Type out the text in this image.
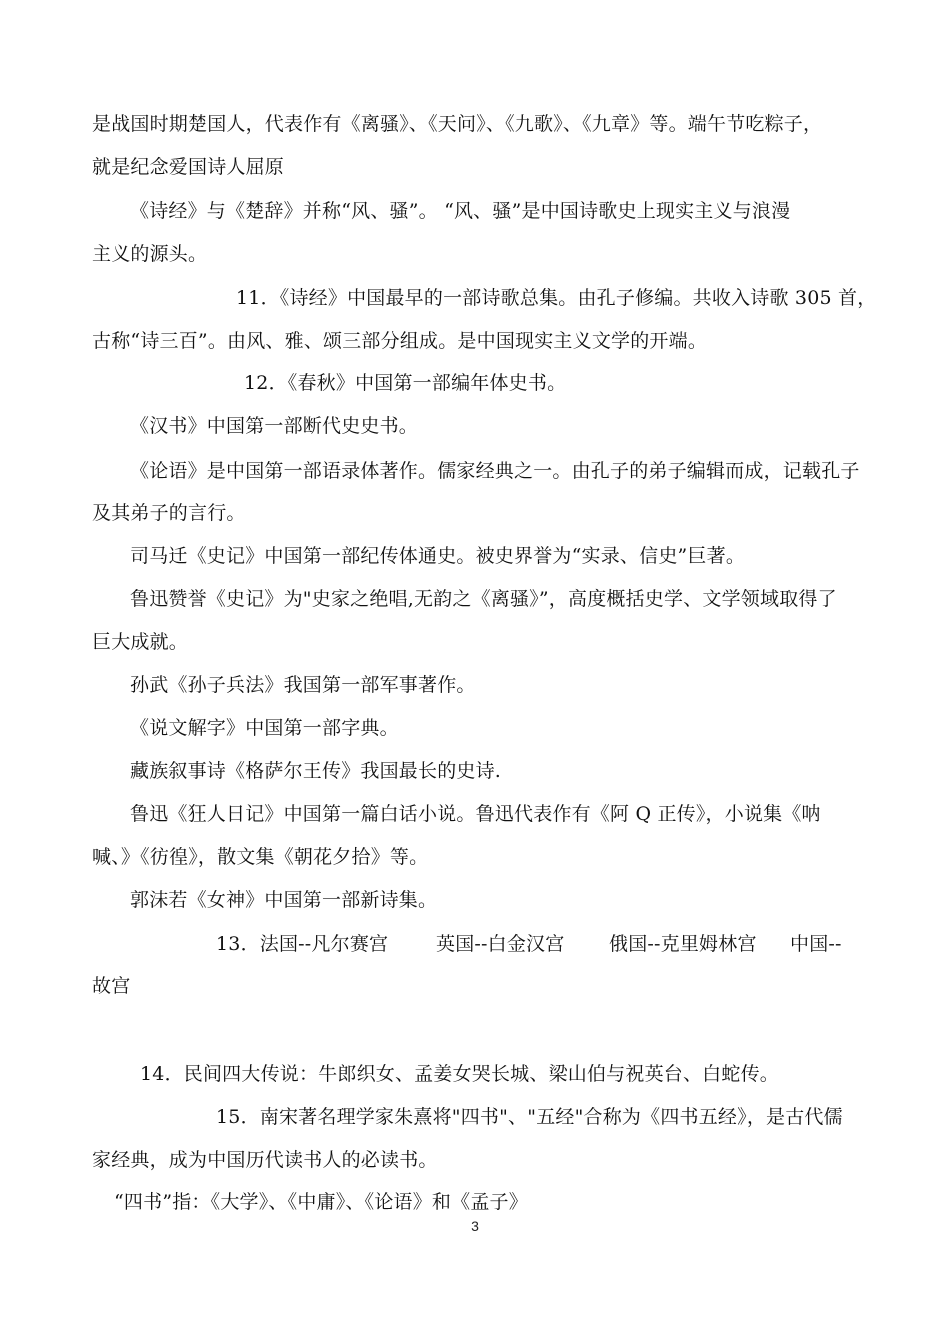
是战国时期楚国人，代表作有《离骚》、《天问》、《九歌》、《九章》等。端午节吃粽子，
就是纪念爱国诗人屈原
《诗经》与《楚辞》并称“风、骚”。 “风、骚”是中国诗歌史上现实主义与浪漫
主义的源头。
11．《诗经》中国最早的一部诗歌总集。由孔子修编。共收入诗歌 305 首，
古称“诗三百”。由风、雅、颂三部分组成。是中国现实主义文学的开端。
12．《春秋》中国第一部编年体史书。
《汉书》中国第一部断代史史书。
《论语》是中国第一部语录体著作。儒家经典之一。由孔子的弟子编辑而成，记载孔子
及其弟子的言行。
司马迁《史记》中国第一部纪传体通史。被史界誉为“实录、信史”巨著。
鲁迅赞誉《史记》为"史家之绝唱,无韵之《离骚》”，高度概括史学、文学领域取得了
巨大成就。
孙武《孙子兵法》我国第一部军事著作。
《说文解字》中国第一部字典。
藏族叙事诗《格萨尔王传》我国最长的史诗.
鲁迅《狂人日记》中国第一篇白话小说。鲁迅代表作有《阿 Q 正传》，小说集《呐
喊、》《彷徨》，散文集《朝花夕拾》等。
郭沫若《女神》中国第一部新诗集。
13．法国--凡尔赛宫	英国--白金汉宫 俄国--克里姆林宫 中国--
故宫
14．民间四大传说：牛郎织女、孟姜女哭长城、梁山伯与祝英台、白蛇传。
15．南宋著名理学家朱熹将"四书"、"五经"合称为《四书五经》，是古代儒
家经典，成为中国历代读书人的必读书。
“四书”指：《大学》、《中庸》、《论语》和《孟子》
3
